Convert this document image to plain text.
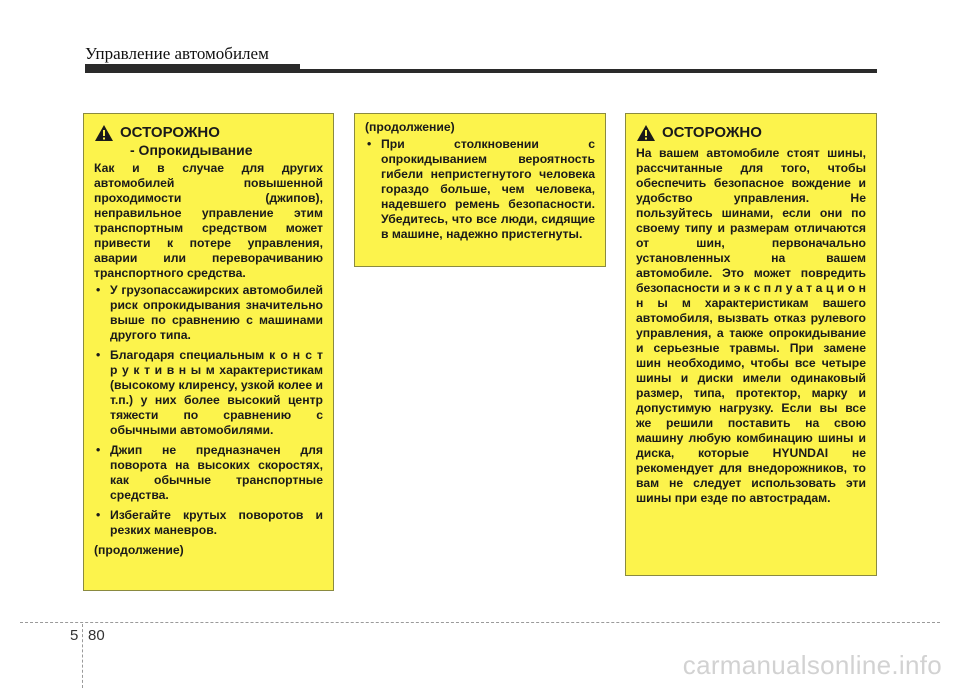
Управление автомобилем
ОСТОРОЖНО
- Опрокидывание

Как и в случае для других автомобилей повышенной проходимости (джипов), неправильное управление этим транспортным средством может привести к потере управления, аварии или переворачиванию транспортного средства.

• У грузопассажирских автомобилей риск опрокидывания значительно выше по сравнению с машинами другого типа.
• Благодаря специальным к о н с т р у к т и в н ы м характеристикам (высокому клиренсу, узкой колее и т.п.) у них более высокий центр тяжести по сравнению с обычными автомобилями.
• Джип не предназначен для поворота на высоких скоростях, как обычные транспортные средства.
• Избегайте крутых поворотов и резких маневров.

(продолжение)

(продолжение)

• При столкновении с опрокидыванием вероятность гибели непристегнутого человека гораздо больше, чем человека, надевшего ремень безопасности. Убедитесь, что все люди, сидящие в машине, надежно пристегнуты.
ОСТОРОЖНО

На вашем автомобиле стоят шины, рассчитанные для того, чтобы обеспечить безопасное вождение и удобство управления. Не пользуйтесь шинами, если они по своему типу и размерам отличаются от шин, первоначально установленных на вашем автомобиле. Это может повредить безопасности и э к с п л у а т а ц и о н н ы м характеристикам вашего автомобиля, вызвать отказ рулевого управления, а также опрокидывание и серьезные травмы. При замене шин необходимо, чтобы все четыре шины и диски имели одинаковый размер, типа, протектор, марку и допустимую нагрузку. Если вы все же решили поставить на свою машину любую комбинацию шины и диска, которые HYUNDAI не рекомендует для внедорожников, то вам не следует использовать эти шины при езде по автострадам.

5 80
carmanualsonline.info
